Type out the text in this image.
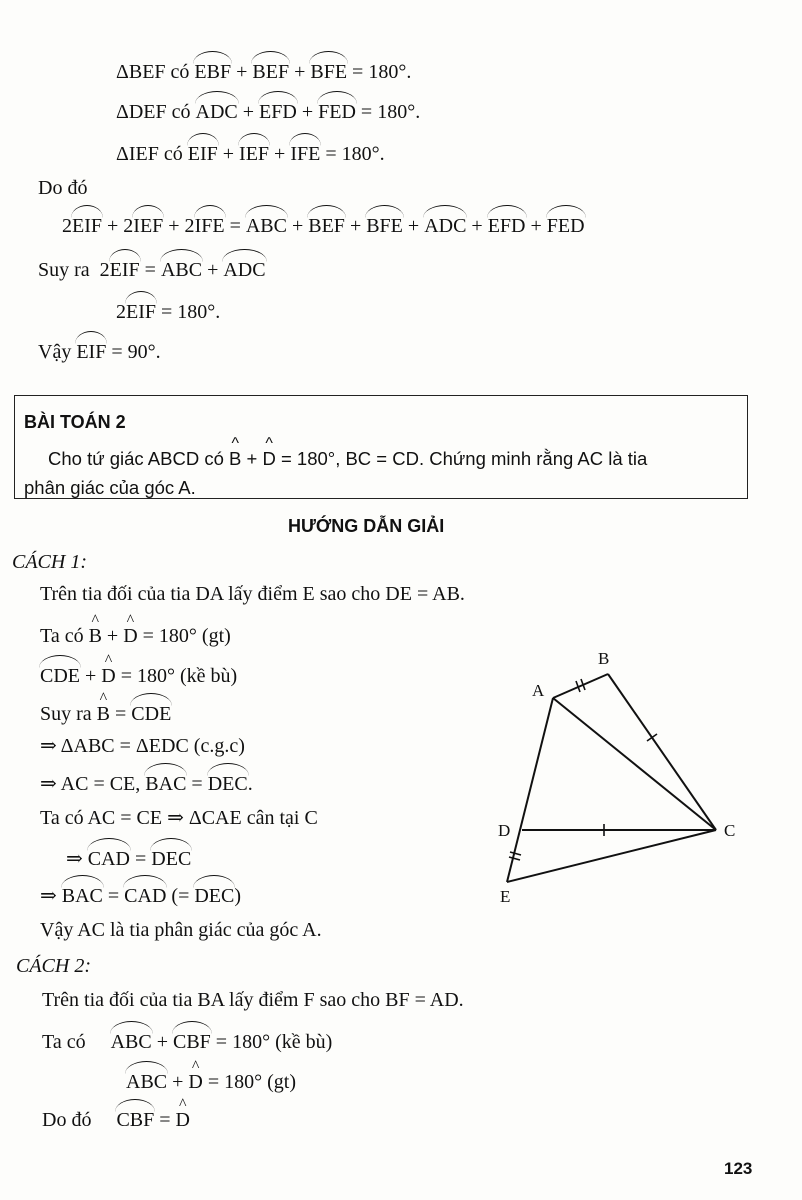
ΔBEF có EBF + BEF + BFE = 180°.
ΔDEF có ADC + EFD + FED = 180°.
ΔIEF có EIF + IEF + IFE = 180°.
Do đó
2EIF + 2IEF + 2IFE = ABC + BEF + BFE + ADC + EFD + FED
Suy ra 2EIF = ABC + ADC
2EIF = 180°.
Vậy EIF = 90°.
BÀI TOÁN 2
Cho tứ giác ABCD có ^ B + ^ D = 180°, BC = CD. Chứng minh rằng AC là tia
phân giác của góc A.
HƯỚNG DẪN GIẢI
CÁCH 1:
Trên tia đối của tia DA lấy điểm E sao cho DE = AB.
Ta có ^ B + ^ D = 180° (gt)
CDE + ^ D = 180° (kề bù)
Suy ra ^ B = CDE
⇒ ΔABC = ΔEDC (c.g.c)
⇒ AC = CE, BAC = DEC.
Ta có AC = CE ⇒ ΔCAE cân tại C
⇒ CAD = DEC
⇒ BAC = CAD (= DEC)
Vậy AC là tia phân giác của góc A.
A
B
C
D
E
CÁCH 2:
Trên tia đối của tia BA lấy điểm F sao cho BF = AD.
Ta có ABC + CBF = 180° (kề bù)
ABC + ^ D = 180° (gt)
Do đó CBF = ^ D
123
